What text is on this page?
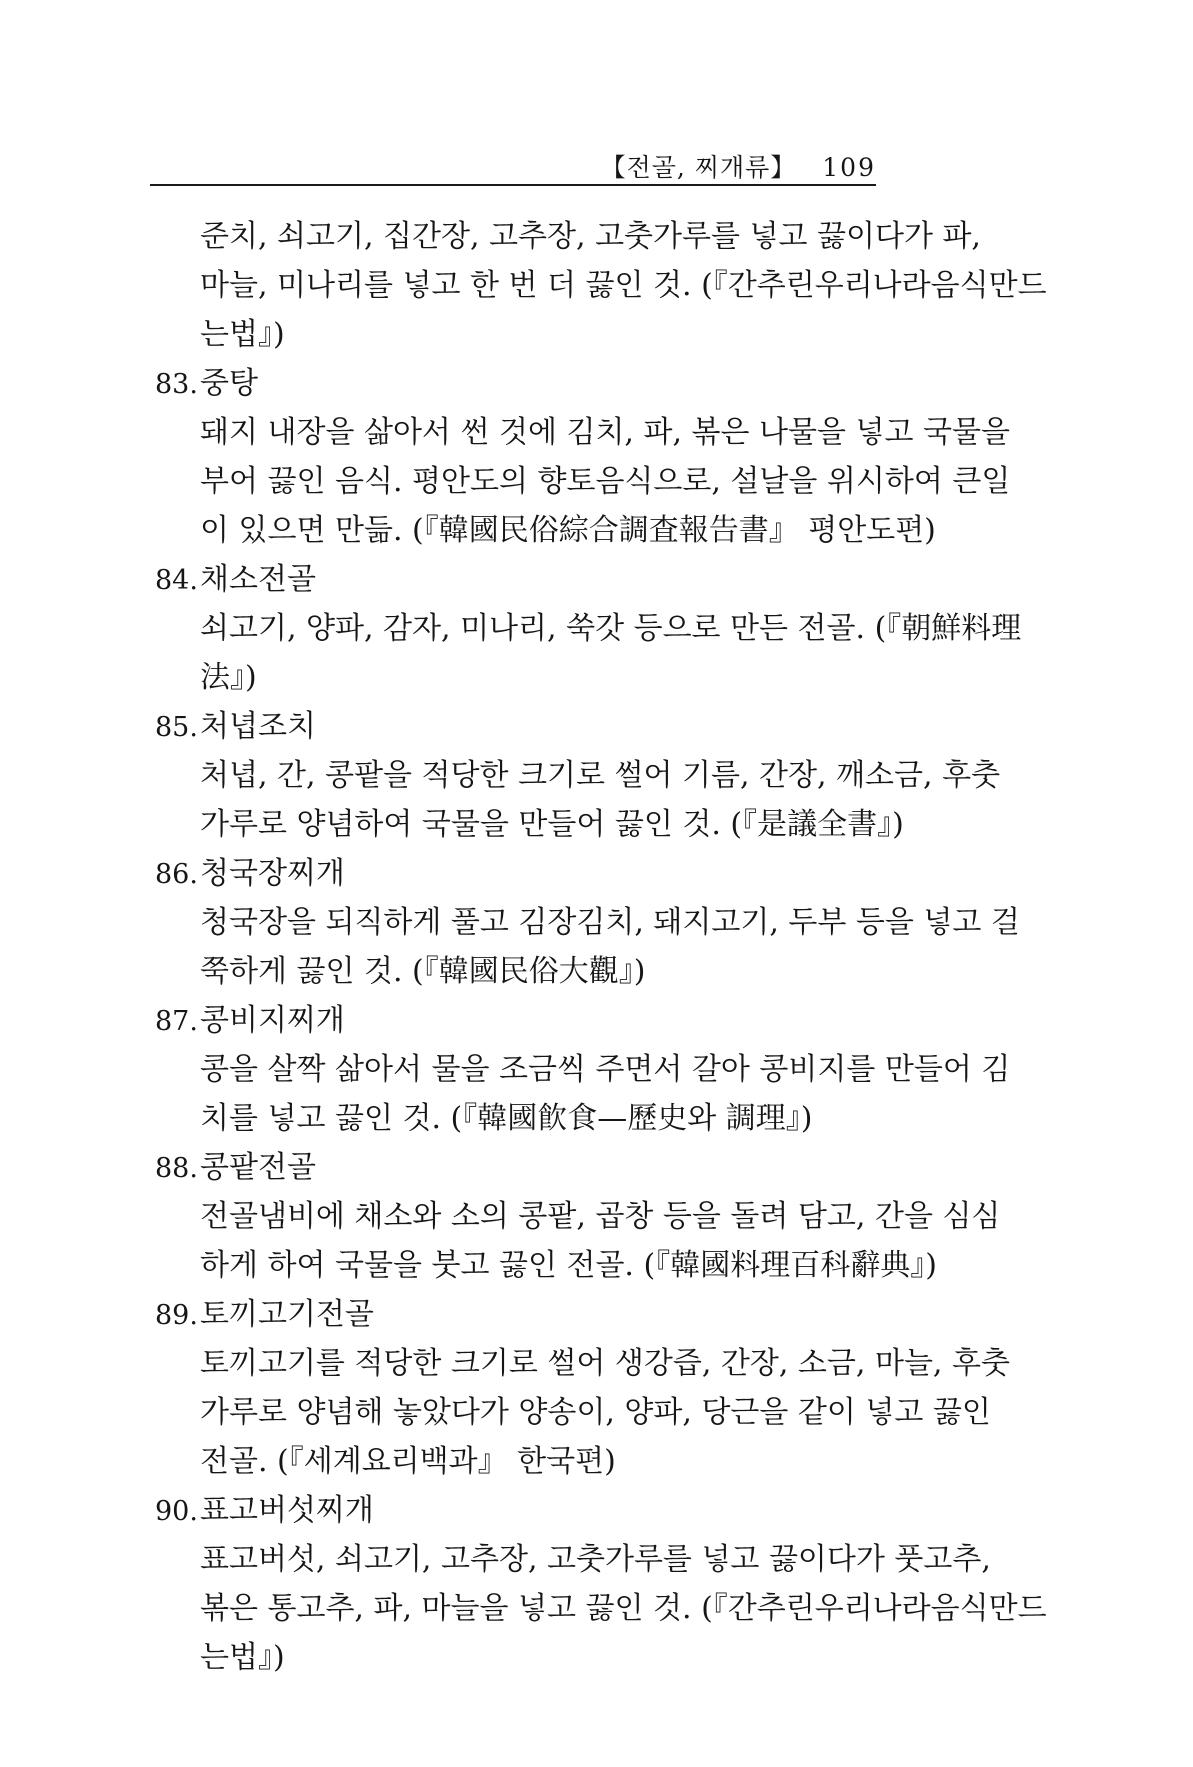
【전골, 찌개류】 109
준치, 쇠고기, 집간장, 고추장, 고춧가루를 넣고 끓이다가 파,
마늘, 미나리를 넣고 한 번 더 끓인 것. (『간추린우리나라음식만드
는법』)
83.중탕
돼지 내장을 삶아서 썬 것에 김치, 파, 볶은 나물을 넣고 국물을
부어 끓인 음식. 평안도의 향토음식으로, 설날을 위시하여 큰일
이 있으면 만듦. (『韓國民俗綜合調査報告書』 평안도편)
84.채소전골
쇠고기, 양파, 감자, 미나리, 쑥갓 등으로 만든 전골. (『朝鮮料理
法』)
85.처녑조치
처녑, 간, 콩팥을 적당한 크기로 썰어 기름, 간장, 깨소금, 후춧
가루로 양념하여 국물을 만들어 끓인 것. (『是議全書』)
86.청국장찌개
청국장을 되직하게 풀고 김장김치, 돼지고기, 두부 등을 넣고 걸
쭉하게 끓인 것. (『韓國民俗大觀』)
87.콩비지찌개
콩을 살짝 삶아서 물을 조금씩 주면서 갈아 콩비지를 만들어 김
치를 넣고 끓인 것. (『韓國飮食—歷史와 調理』)
88.콩팥전골
전골냄비에 채소와 소의 콩팥, 곱창 등을 돌려 담고, 간을 심심
하게 하여 국물을 붓고 끓인 전골. (『韓國料理百科辭典』)
89.토끼고기전골
토끼고기를 적당한 크기로 썰어 생강즙, 간장, 소금, 마늘, 후춧
가루로 양념해 놓았다가 양송이, 양파, 당근을 같이 넣고 끓인
전골. (『세계요리백과』 한국편)
90.표고버섯찌개
표고버섯, 쇠고기, 고추장, 고춧가루를 넣고 끓이다가 풋고추,
볶은 통고추, 파, 마늘을 넣고 끓인 것. (『간추린우리나라음식만드
는법』)
